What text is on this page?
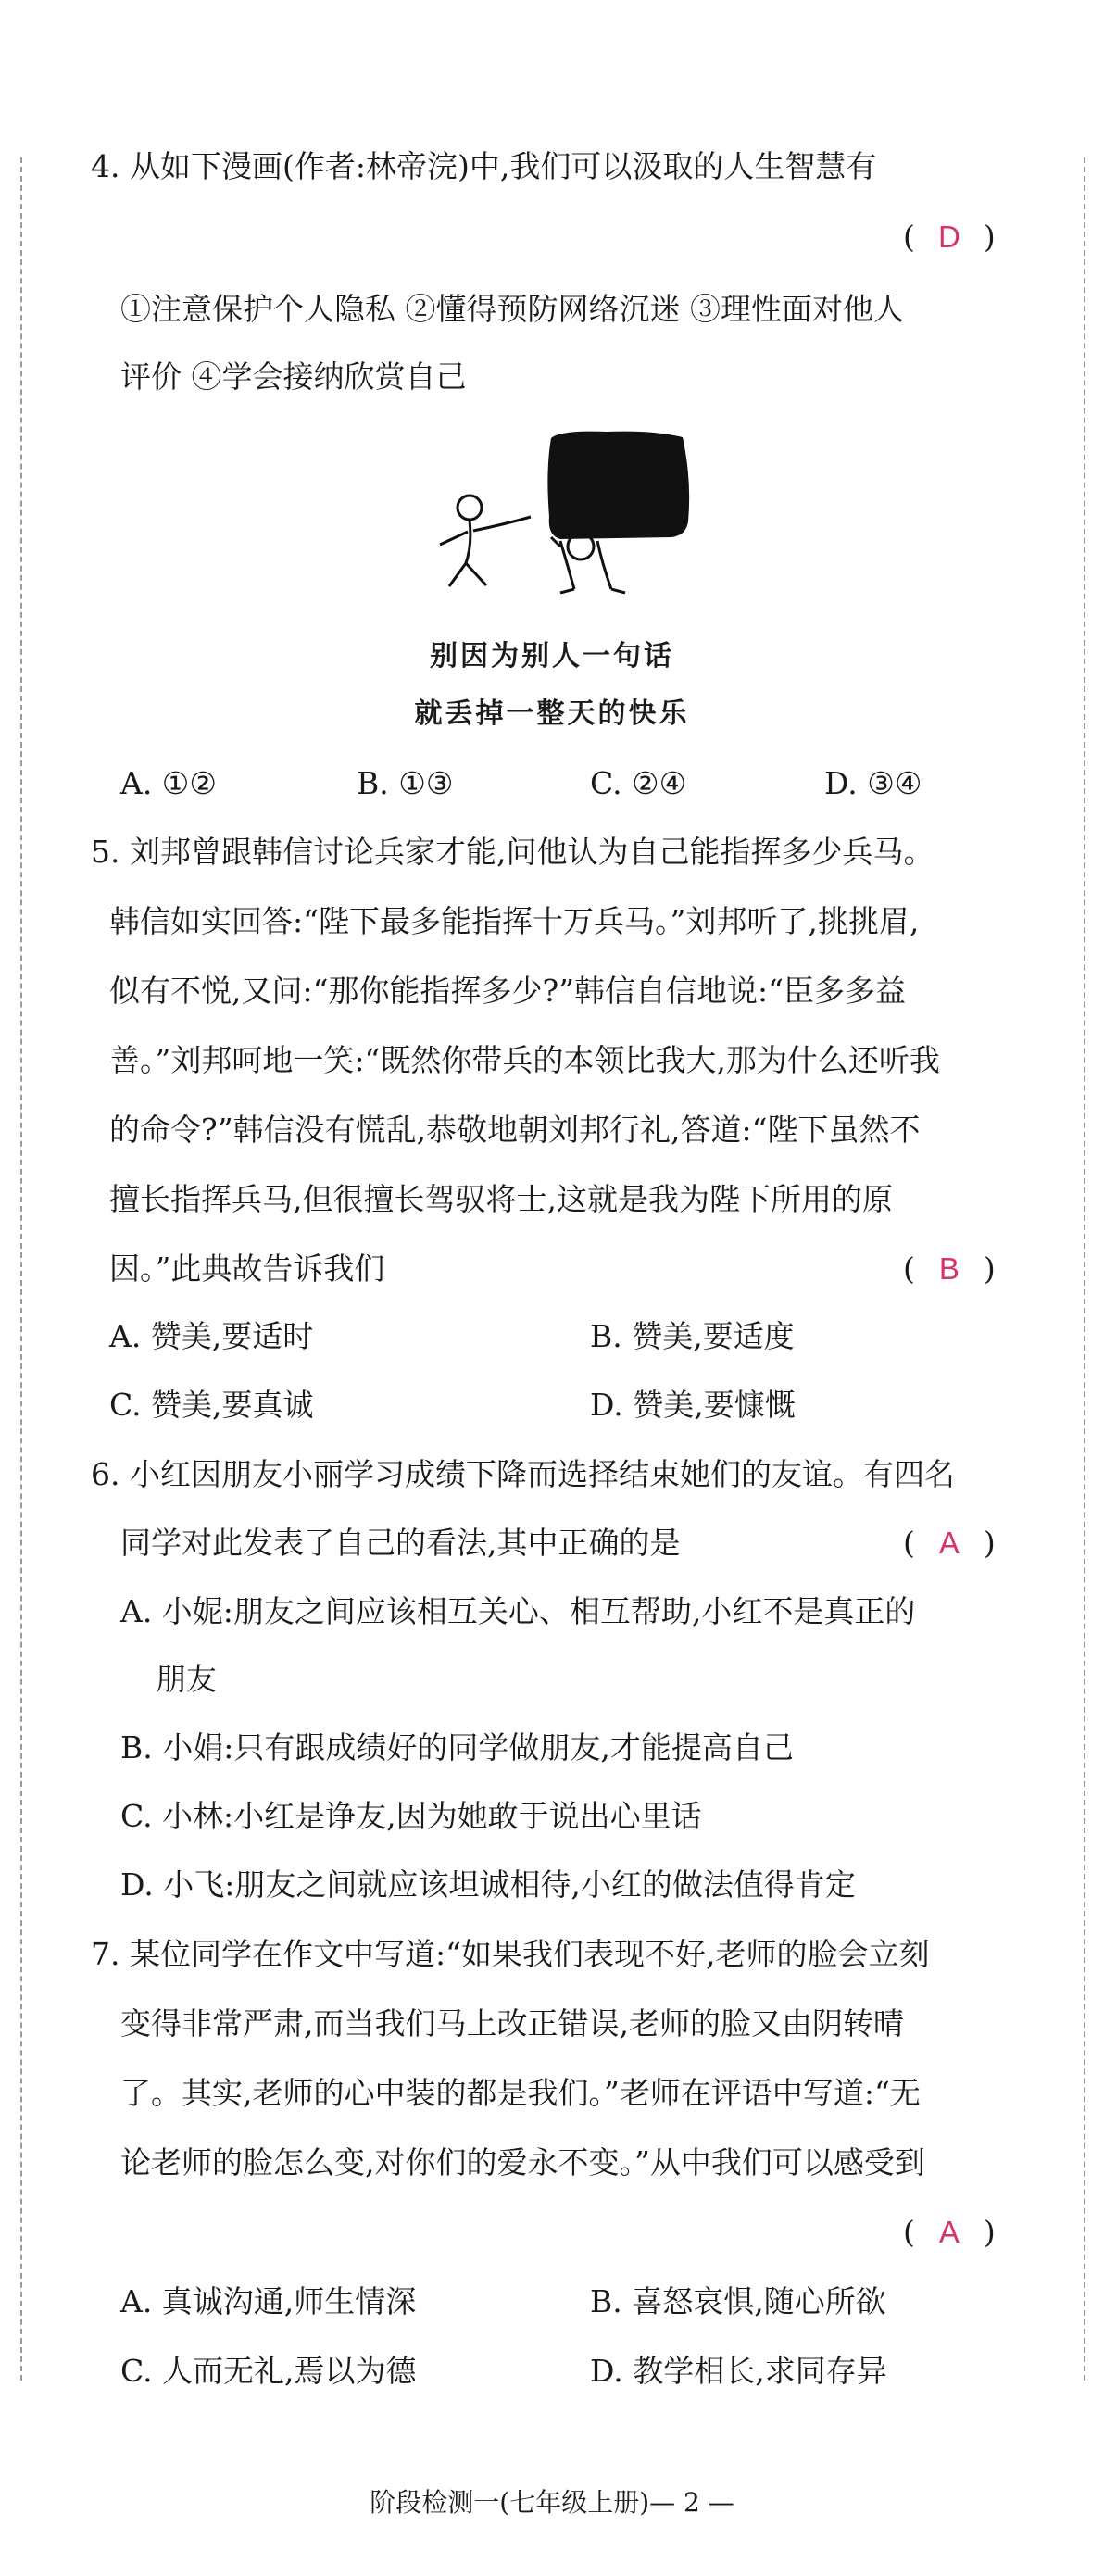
4. 从如下漫画(作者:林帝浣)中,我们可以汲取的人生智慧有
( D )
①注意保护个人隐私 ②懂得预防网络沉迷 ③理性面对他人
评价 ④学会接纳欣赏自己
别因为别人一句话
就丢掉一整天的快乐
A. ①②	B. ①③	C. ②④	D. ③④
5. 刘邦曾跟韩信讨论兵家才能,问他认为自己能指挥多少兵马。
韩信如实回答:“陛下最多能指挥十万兵马。”刘邦听了,挑挑眉,
似有不悦,又问:“那你能指挥多少?”韩信自信地说:“臣多多益
善。”刘邦呵地一笑:“既然你带兵的本领比我大,那为什么还听我
的命令?”韩信没有慌乱,恭敬地朝刘邦行礼,答道:“陛下虽然不
擅长指挥兵马,但很擅长驾驭将士,这就是我为陛下所用的原
因。”此典故告诉我们	( B )
A. 赞美,要适时	B. 赞美,要适度
C. 赞美,要真诚	D. 赞美,要慷慨
6. 小红因朋友小丽学习成绩下降而选择结束她们的友谊。有四名
同学对此发表了自己的看法,其中正确的是	( A )
A. 小妮:朋友之间应该相互关心、相互帮助,小红不是真正的
朋友
B. 小娟:只有跟成绩好的同学做朋友,才能提高自己
C. 小林:小红是诤友,因为她敢于说出心里话
D. 小飞:朋友之间就应该坦诚相待,小红的做法值得肯定
7. 某位同学在作文中写道:“如果我们表现不好,老师的脸会立刻
变得非常严肃,而当我们马上改正错误,老师的脸又由阴转晴
了。其实,老师的心中装的都是我们。”老师在评语中写道:“无
论老师的脸怎么变,对你们的爱永不变。”从中我们可以感受到
( A )
A. 真诚沟通,师生情深	B. 喜怒哀惧,随心所欲
C. 人而无礼,焉以为德	D. 教学相长,求同存异
阶段检测一(七年级上册)— 2 —
